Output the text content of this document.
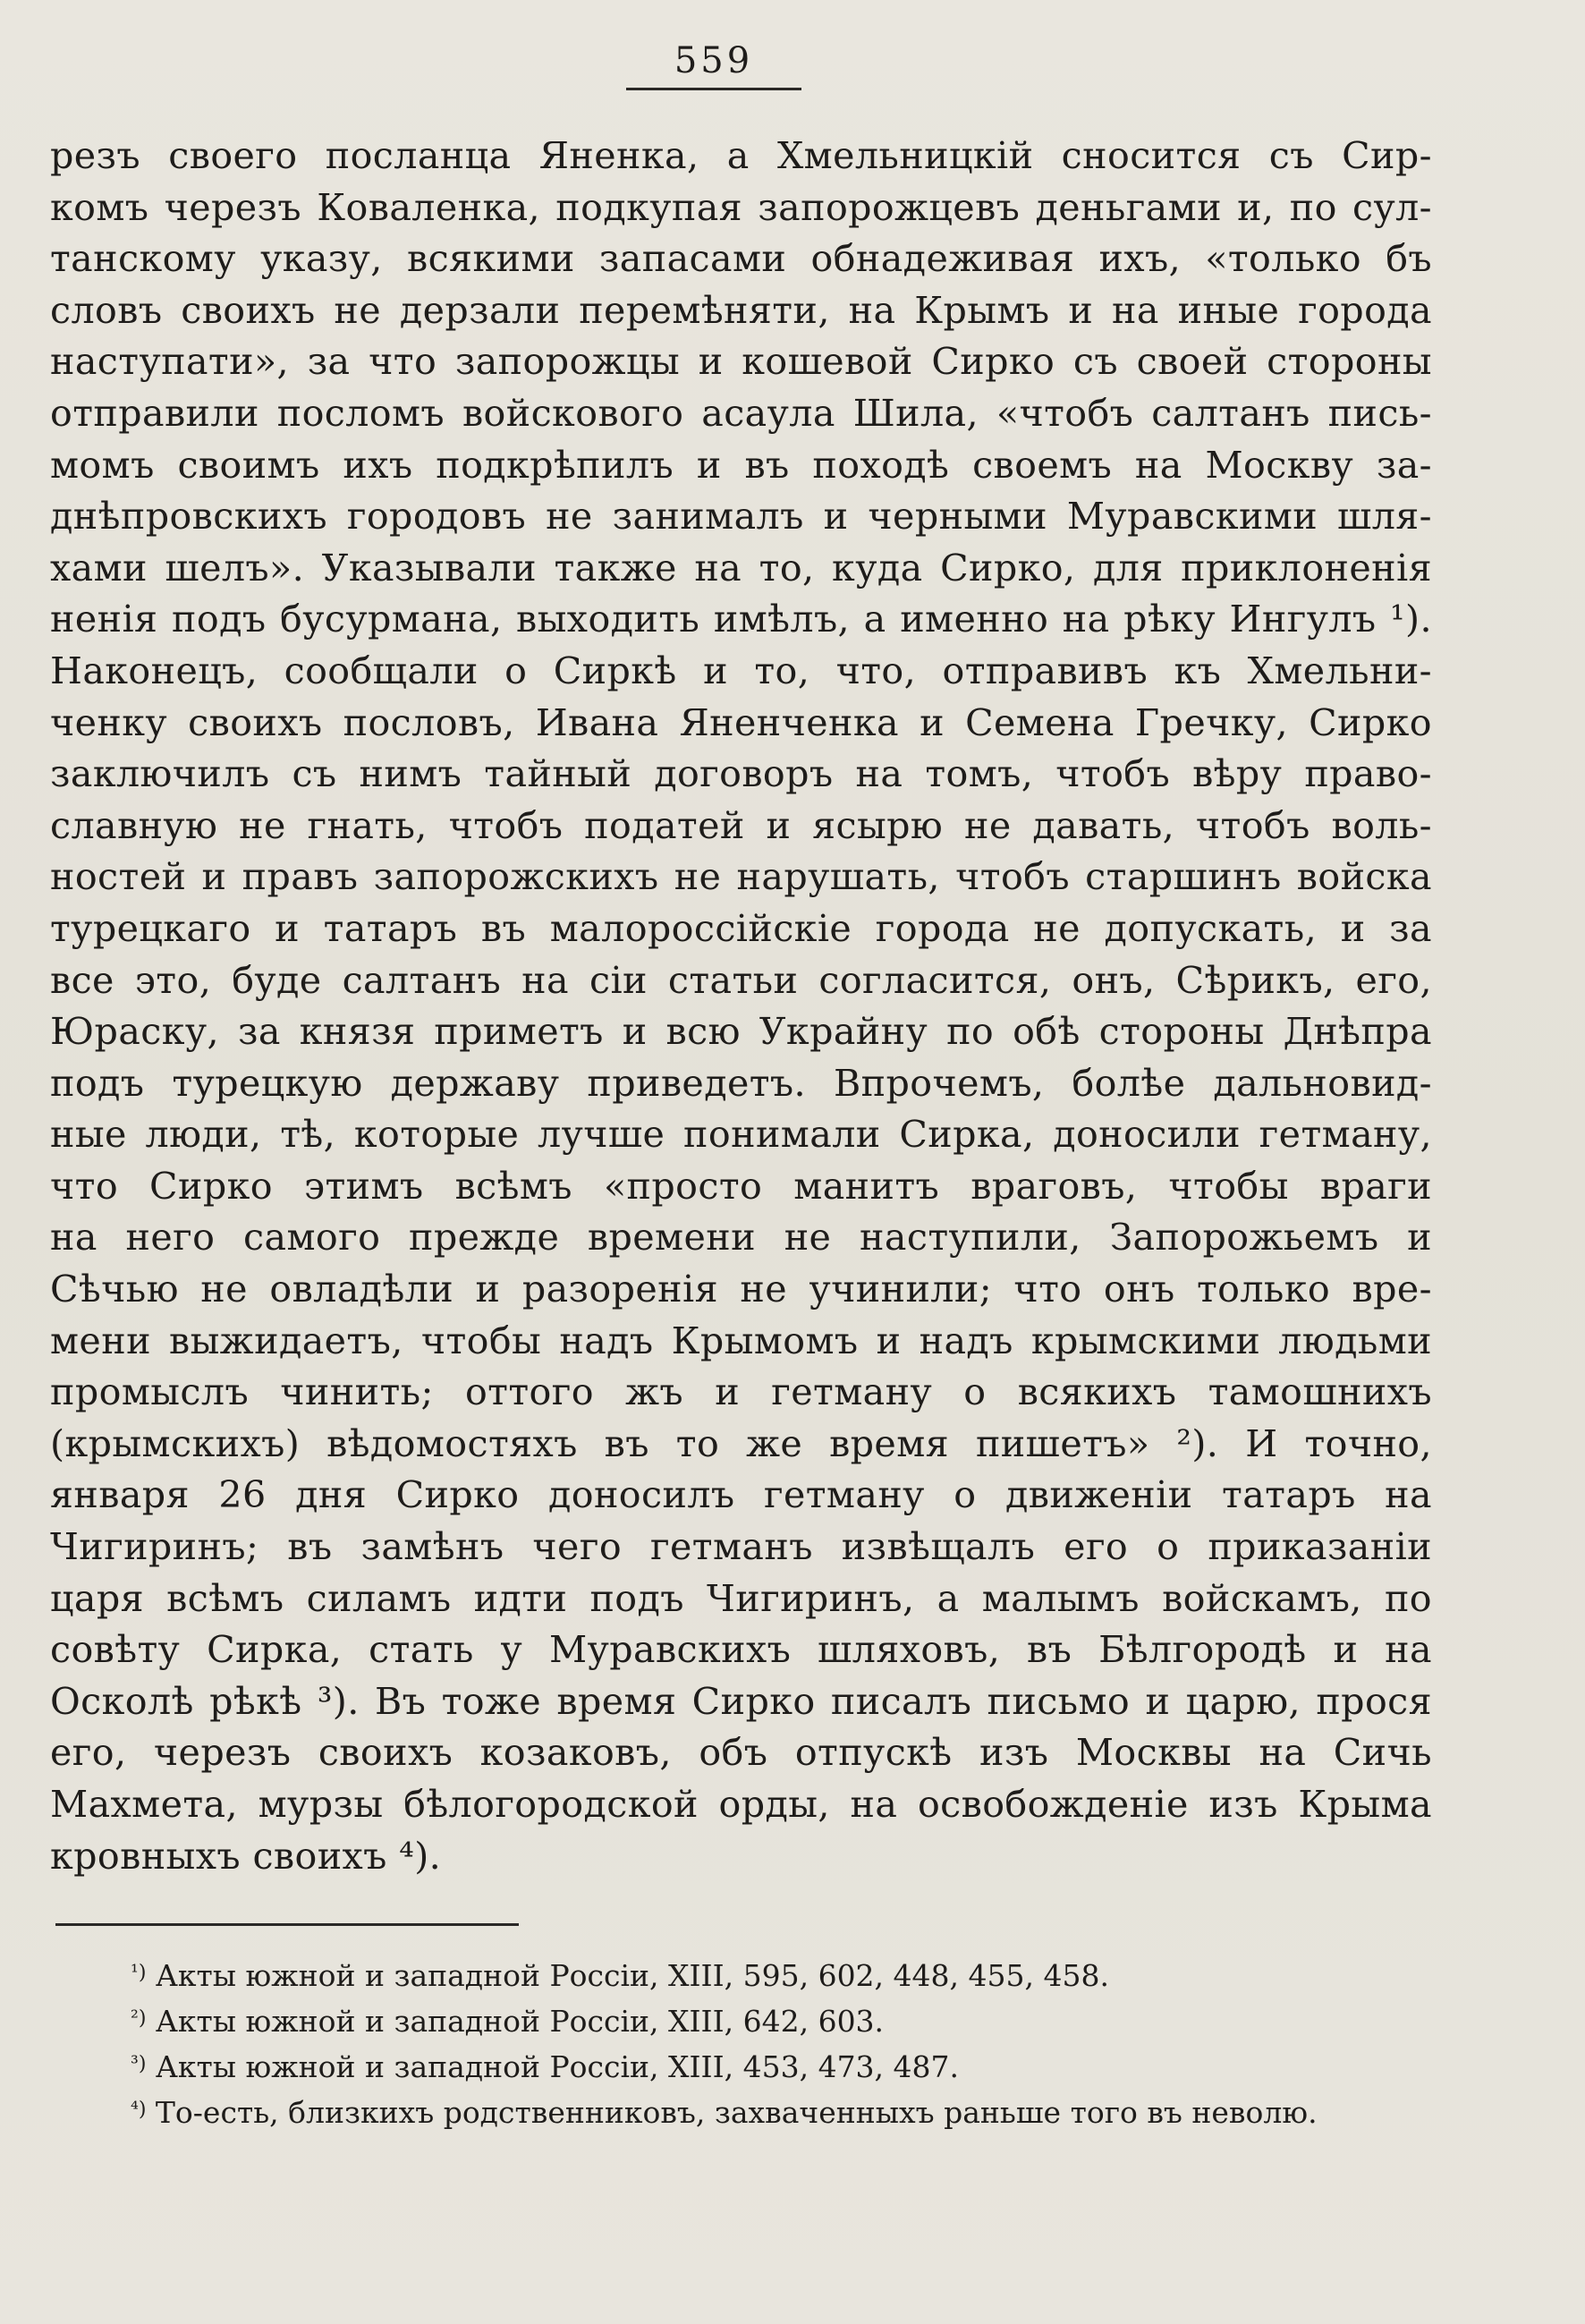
559
резъ своего посланца Яненка, а Хмельницкій сносится съ Сир-
комъ черезъ Коваленка, подкупая запорожцевъ деньгами и, по сул-
танскому указу, всякими запасами обнадеживая ихъ, «только бъ
словъ своихъ не дерзали перемѣняти, на Крымъ и на иные города
наступати», за что запорожцы и кошевой Сирко съ своей стороны
отправили посломъ войскового асаула Шила, «чтобъ салтанъ пись-
момъ своимъ ихъ подкрѣпилъ и въ походѣ своемъ на Москву за-
днѣпровскихъ городовъ не занималъ и черными Муравскими шля-
хами шелъ». Указывали также на то, куда Сирко, для приклоненія
ненія подъ бусурмана, выходить имѣлъ, а именно на рѣку Ингулъ ¹).
Наконецъ, сообщали о Сиркѣ и то, что, отправивъ къ Хмельни-
ченку своихъ пословъ, Ивана Яненченка и Семена Гречку, Сирко
заключилъ съ нимъ тайный договоръ на томъ, чтобъ вѣру право-
славную не гнать, чтобъ податей и ясырю не давать, чтобъ воль-
ностей и правъ запорожскихъ не нарушать, чтобъ старшинъ войска
турецкаго и татаръ въ малороссійскіе города не допускать, и за
все это, буде салтанъ на сіи статьи согласится, онъ, Сѣрикъ, его,
Юраску, за князя приметъ и всю Украйну по обѣ стороны Днѣпра
подъ турецкую державу приведетъ. Впрочемъ, болѣе дальновид-
ные люди, тѣ, которые лучше понимали Сирка, доносили гетману,
что Сирко этимъ всѣмъ «просто манитъ враговъ, чтобы враги
на него самого прежде времени не наступили, Запорожьемъ и
Сѣчью не овладѣли и разоренія не учинили; что онъ только вре-
мени выжидаетъ, чтобы надъ Крымомъ и надъ крымскими людьми
промыслъ чинить; оттого жъ и гетману о всякихъ тамошнихъ
(крымскихъ) вѣдомостяхъ въ то же время пишетъ» ²). И точно,
января 26 дня Сирко доносилъ гетману о движеніи татаръ на
Чигиринъ; въ замѣнъ чего гетманъ извѣщалъ его о приказаніи
царя всѣмъ силамъ идти подъ Чигиринъ, а малымъ войскамъ, по
совѣту Сирка, стать у Муравскихъ шляховъ, въ Бѣлгородѣ и на
Осколѣ рѣкѣ ³). Въ тоже время Сирко писалъ письмо и царю, прося
его, черезъ своихъ козаковъ, объ отпускѣ изъ Москвы на Сичь
Махмета, мурзы бѣлогородской орды, на освобожденіе изъ Крыма
кровныхъ своихъ ⁴).
$^{^1)}$ Акты южной и западной Россіи, XIII, 595, 602, 448, 455, 458.
$^{^2)}$ Акты южной и западной Россіи, XIII, 642, 603.
$^{^3)}$ Акты южной и западной Россіи, XIII, 453, 473, 487.
$^{^4)}$ То-есть, близкихъ родственниковъ, захваченныхъ раньше того въ неволю.
